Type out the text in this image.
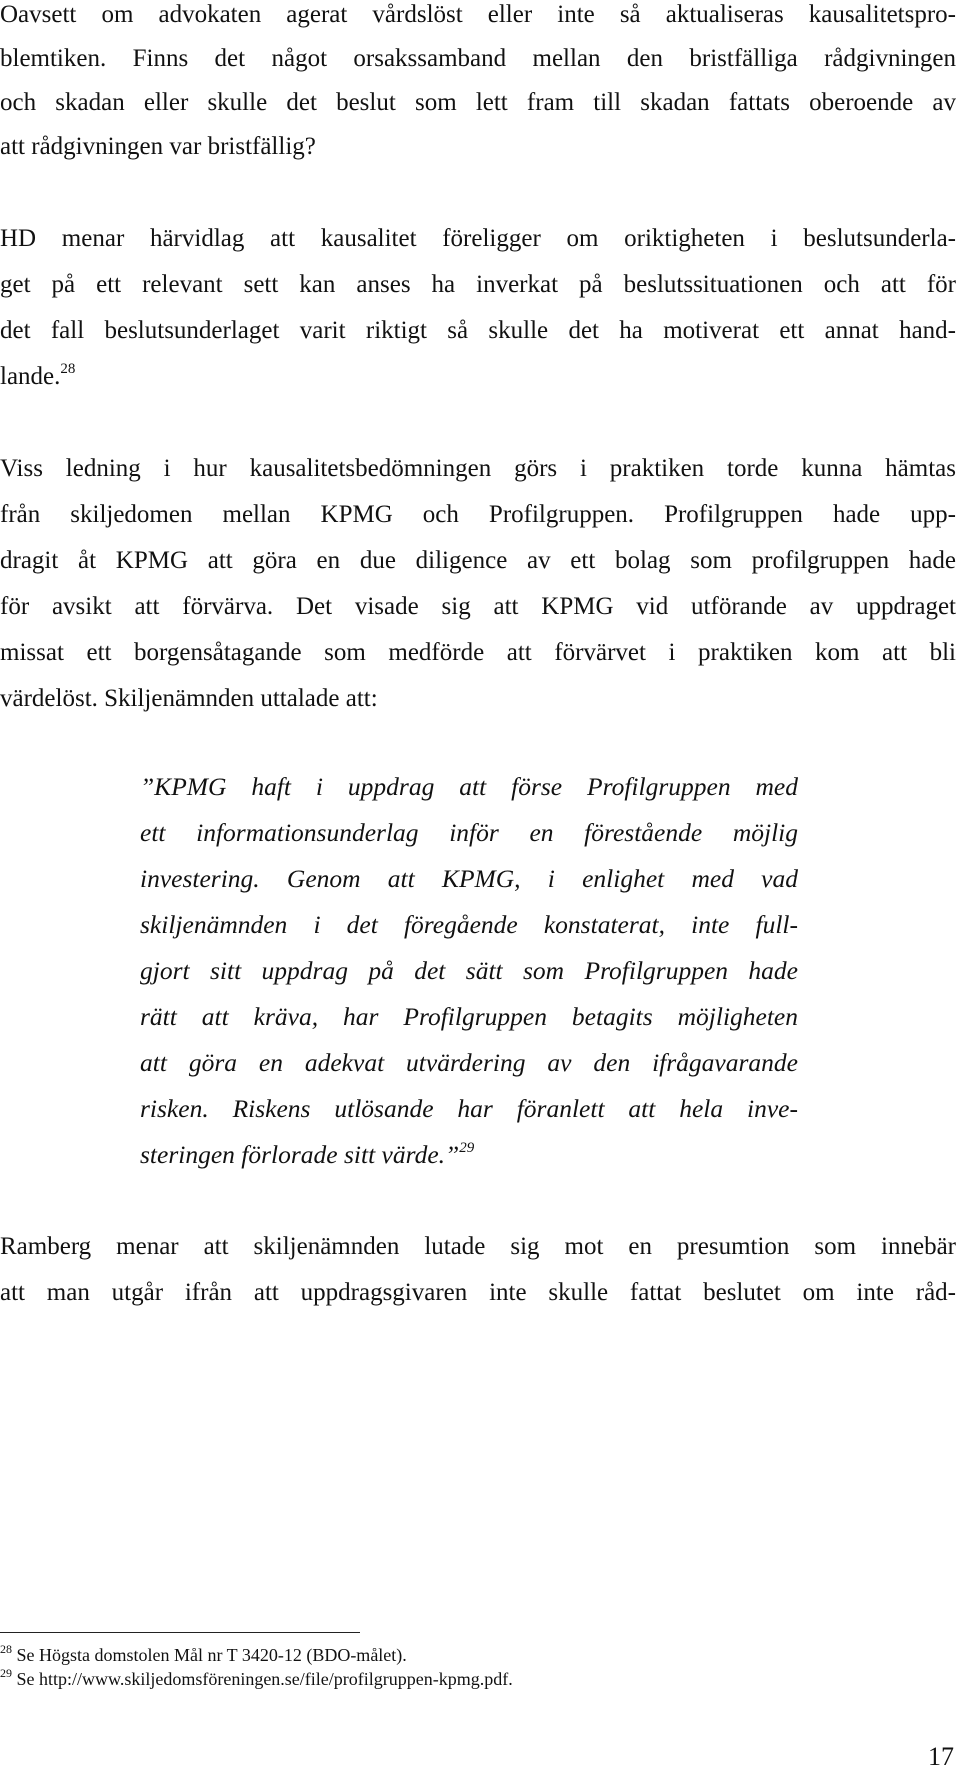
Oavsett om advokaten agerat vårdslöst eller inte så aktualiseras kausalitetspro-

blemtiken. Finns det något orsakssamband mellan den bristfälliga rådgivningen

och skadan eller skulle det beslut som lett fram till skadan fattats oberoende av

att rådgivningen var bristfällig?

HD menar härvidlag att kausalitet föreligger om oriktigheten i beslutsunderla-

get på ett relevant sett kan anses ha inverkat på beslutssituationen och att för

det fall beslutsunderlaget varit riktigt så skulle det ha motiverat ett annat hand-

lande.$^{28}$

Viss ledning i hur kausalitetsbedömningen görs i praktiken torde kunna hämtas

från skiljedomen mellan KPMG och Profilgruppen. Profilgruppen hade upp-

dragit åt KPMG att göra en due diligence av ett bolag som profilgruppen hade

för avsikt att förvärva. Det visade sig att KPMG vid utförande av uppdraget

missat ett borgensåtagande som medförde att förvärvet i praktiken kom att bli

värdelöst. Skiljenämnden uttalade att:

”KPMG haft i uppdrag att förse Profilgruppen med

ett informationsunderlag inför en förestående möjlig

investering. Genom att KPMG, i enlighet med vad

skiljenämnden i det föregående konstaterat, inte full-

gjort sitt uppdrag på det sätt som Profilgruppen hade

rätt att kräva, har Profilgruppen betagits möjligheten

att göra en adekvat utvärdering av den ifrågavarande

risken. Riskens utlösande har föranlett att hela inve-

steringen förlorade sitt värde.”$^{29}$

Ramberg menar att skiljenämnden lutade sig mot en presumtion som innebär

att man utgår ifrån att uppdragsgivaren inte skulle fattat beslutet om inte råd-

$^{28}$ Se Högsta domstolen Mål nr T 3420-12 (BDO-målet).

$^{29}$ Se http://www.skiljedomsföreningen.se/file/profilgruppen-kpmg.pdf.

17
